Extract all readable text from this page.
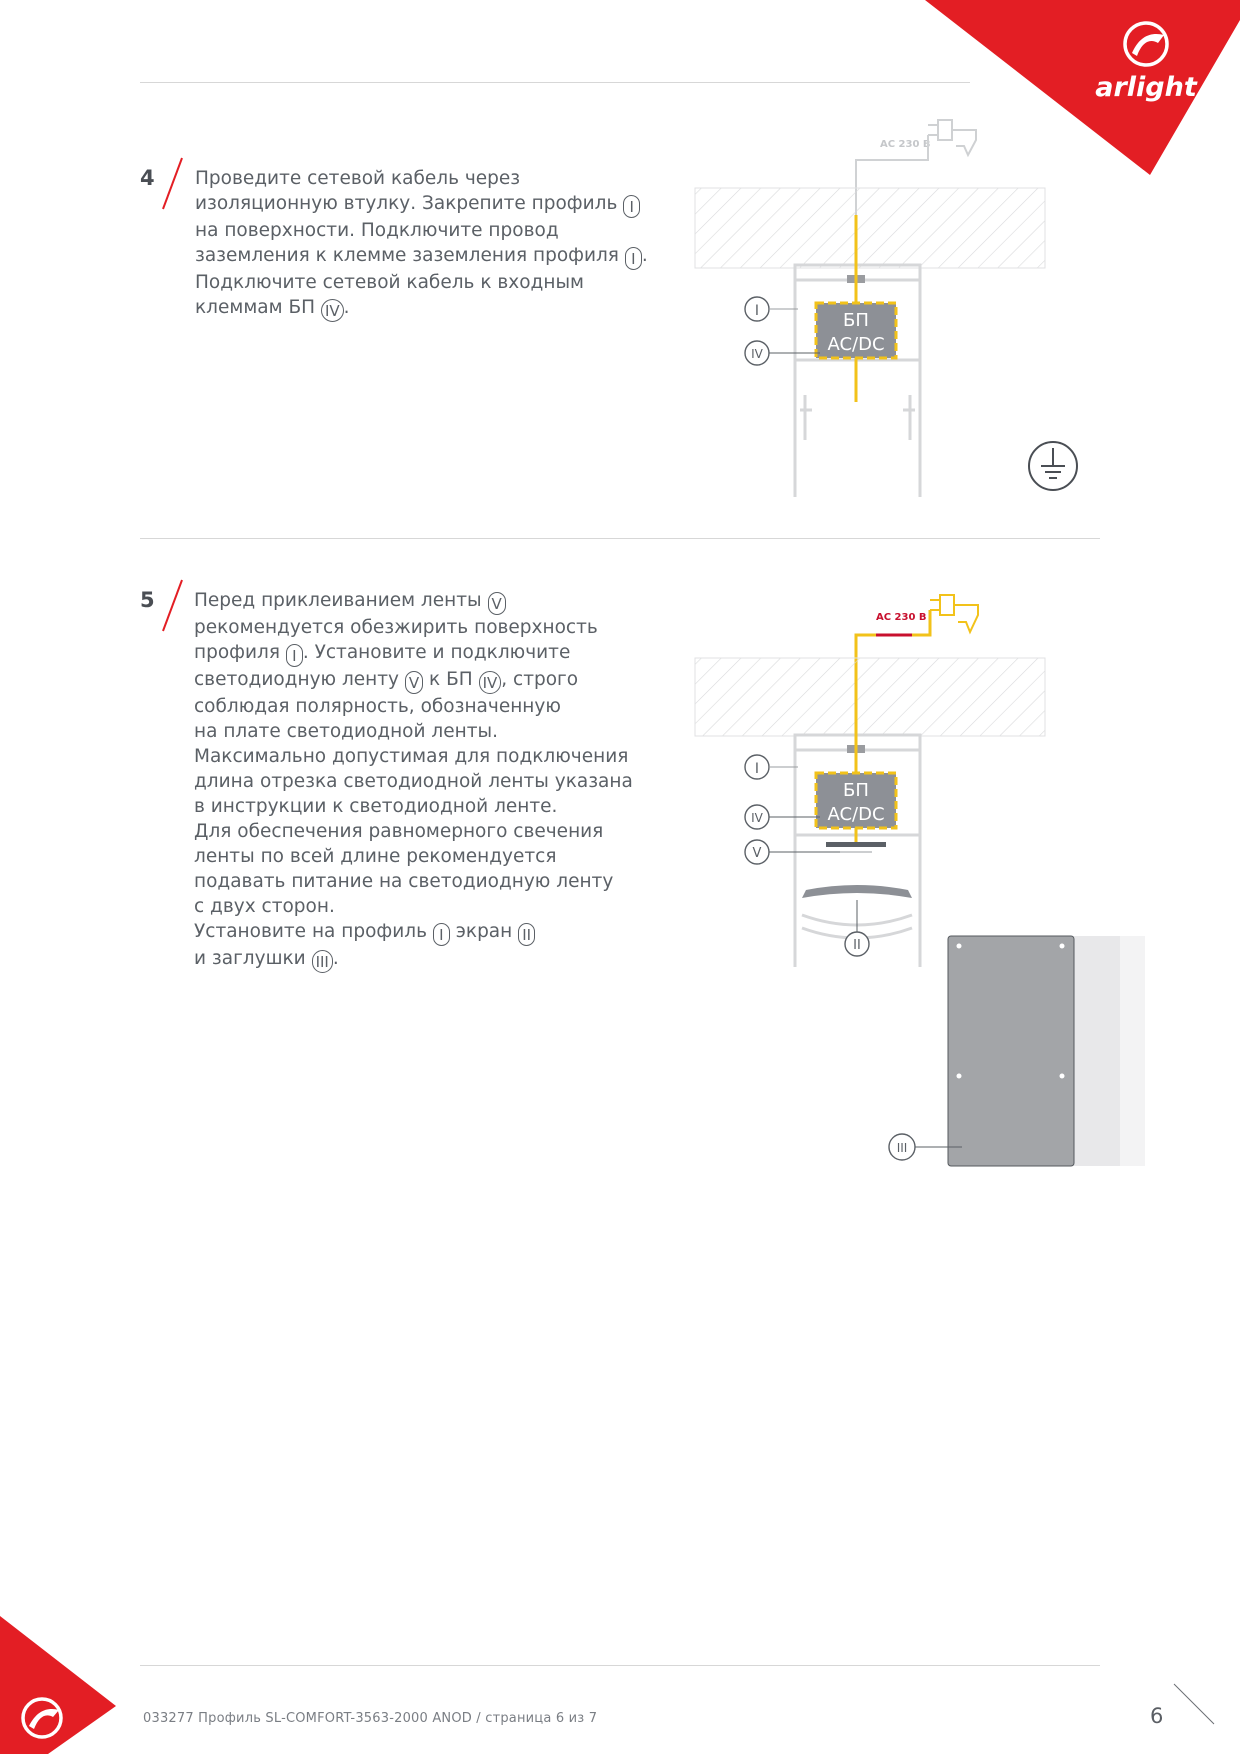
arlight
4 Проведите сетевой кабель через

изоляционную втулку. Закрепите профиль I

на поверхности. Подключите провод

заземления к клемме заземления профиля I .

Подключите сетевой кабель к входным

клеммам БП IV .

5 Перед приклеиванием ленты V

рекомендуется обезжирить поверхность

профиля I . Установите и подключите

светодиодную ленту V к БП IV , строго

соблюдая полярность, обозначенную

на плате светодиодной ленты.

Максимально допустимая для подключения

длина отрезка светодиодной ленты указана

в инструкции к светодиодной ленте.

Для обеспечения равномерного свечения

ленты по всей длине рекомендуется

подавать питание на светодиодную ленту

с двух сторон.

Установите на профиль I экран II

и заглушки III .

AC 230 В
БП
AC/DC
I
IV
AC 230 В
БП
AC/DC
I
IV
V
II
III
033277 Профиль SL-COMFORT-3563-2000 ANOD / страница 6 из 7	6
